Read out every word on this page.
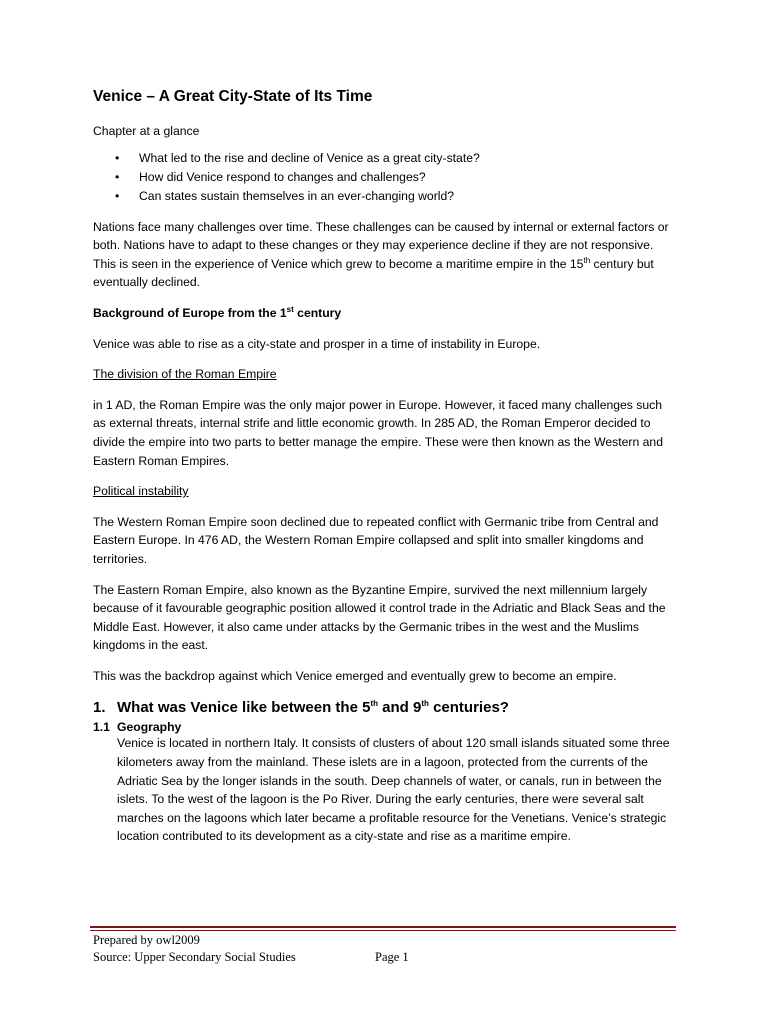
Venice – A Great City-State of Its Time

Chapter at a glance

• What led to the rise and decline of Venice as a great city-state?
• How did Venice respond to changes and challenges?
• Can states sustain themselves in an ever-changing world?

Nations face many challenges over time. These challenges can be caused by internal or external factors or both. Nations have to adapt to these changes or they may experience decline if they are not responsive. This is seen in the experience of Venice which grew to become a maritime empire in the 15th century but eventually declined.

Background of Europe from the 1st century

Venice was able to rise as a city-state and prosper in a time of instability in Europe.

The division of the Roman Empire

in 1 AD, the Roman Empire was the only major power in Europe. However, it faced many challenges such as external threats, internal strife and little economic growth. In 285 AD, the Roman Emperor decided to divide the empire into two parts to better manage the empire. These were then known as the Western and Eastern Roman Empires.

Political instability

The Western Roman Empire soon declined due to repeated conflict with Germanic tribe from Central and Eastern Europe. In 476 AD, the Western Roman Empire collapsed and split into smaller kingdoms and territories.

The Eastern Roman Empire, also known as the Byzantine Empire, survived the next millennium largely because of it favourable geographic position allowed it control trade in the Adriatic and Black Seas and the Middle East. However, it also came under attacks by the Germanic tribes in the west and the Muslims kingdoms in the east.

This was the backdrop against which Venice emerged and eventually grew to become an empire.

1. What was Venice like between the 5th and 9th centuries?
1.1 Geography

Venice is located in northern Italy. It consists of clusters of about 120 small islands situated some three kilometers away from the mainland. These islets are in a lagoon, protected from the currents of the Adriatic Sea by the longer islands in the south. Deep channels of water, or canals, run in between the islets. To the west of the lagoon is the Po River. During the early centuries, there were several salt marches on the lagoons which later became a profitable resource for the Venetians. Venice’s strategic location contributed to its development as a city-state and rise as a maritime empire.

Prepared by owl2009
Source: Upper Secondary Social Studies	Page 1
